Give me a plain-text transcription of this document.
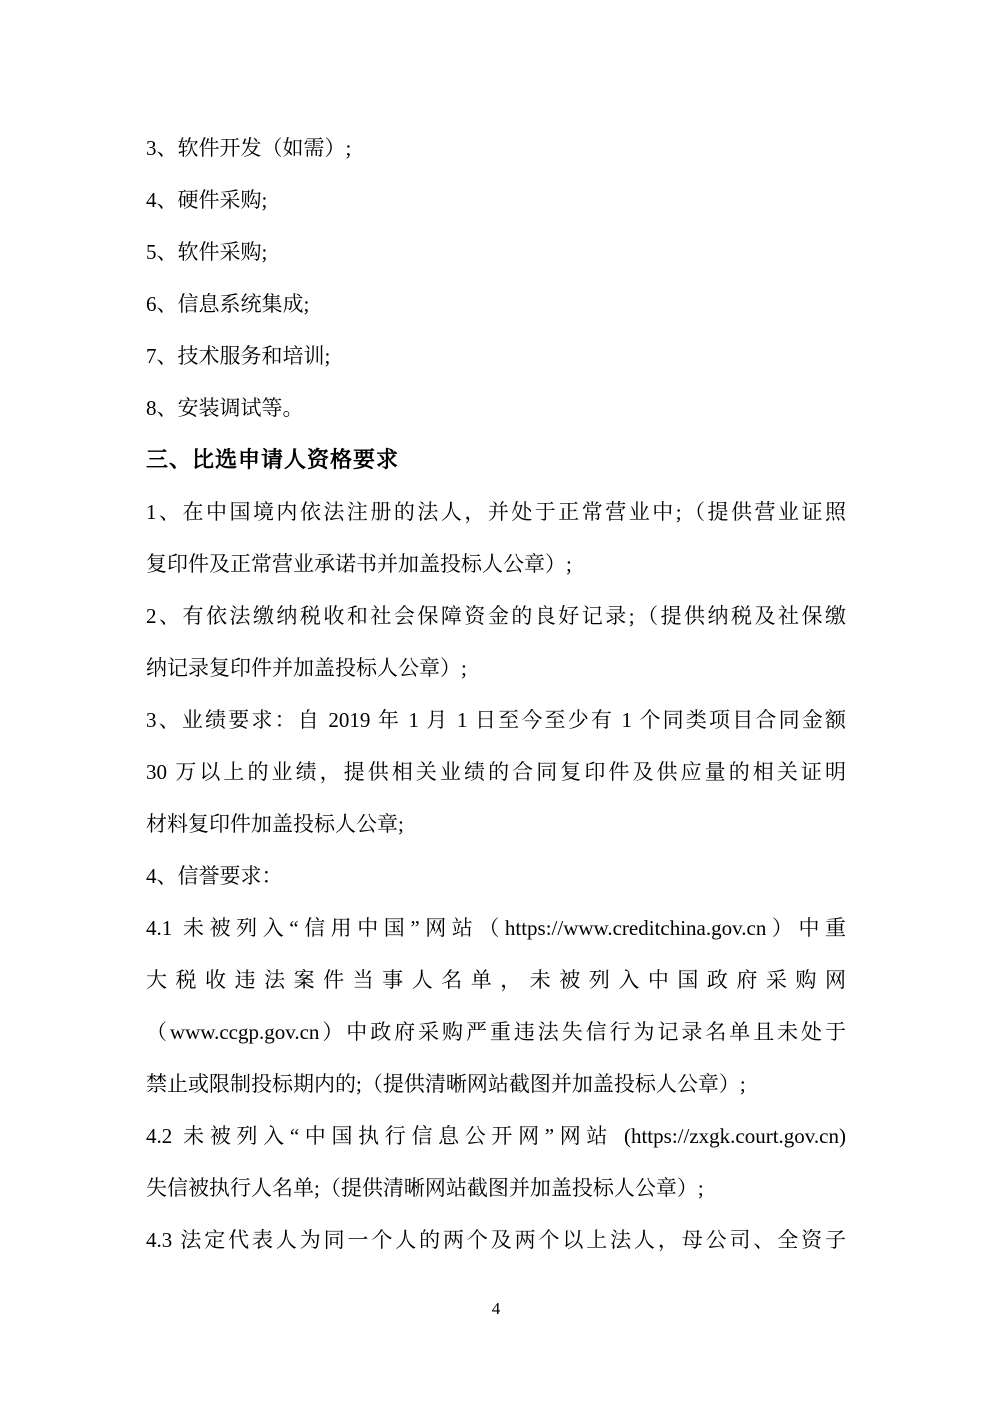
3、软件开发（如需）;
4、硬件采购;
5、软件采购;
6、信息系统集成;
7、技术服务和培训;
8、安装调试等。
三、比选申请人资格要求
1、在中国境内依法注册的法人，并处于正常营业中;（提供营业证照
复印件及正常营业承诺书并加盖投标人公章）;
2、有依法缴纳税收和社会保障资金的良好记录;（提供纳税及社保缴
纳记录复印件并加盖投标人公章）;
3、业绩要求：自 2019 年 1 月 1 日至今至少有 1 个同类项目合同金额
30 万以上的业绩，提供相关业绩的合同复印件及供应量的相关证明
材料复印件加盖投标人公章;
4、信誉要求：
4.1 未被列入“信用中国”网站（https://www.creditchina.gov.cn）中重
大税收违法案件当事人名单，未被列入中国政府采购网
（www.ccgp.gov.cn）中政府采购严重违法失信行为记录名单且未处于
禁止或限制投标期内的;（提供清晰网站截图并加盖投标人公章）;
4.2 未被列入“中国执行信息公开网”网站 (https://zxgk.court.gov.cn)
失信被执行人名单;（提供清晰网站截图并加盖投标人公章）;
4.3 法定代表人为同一个人的两个及两个以上法人，母公司、全资子
4
